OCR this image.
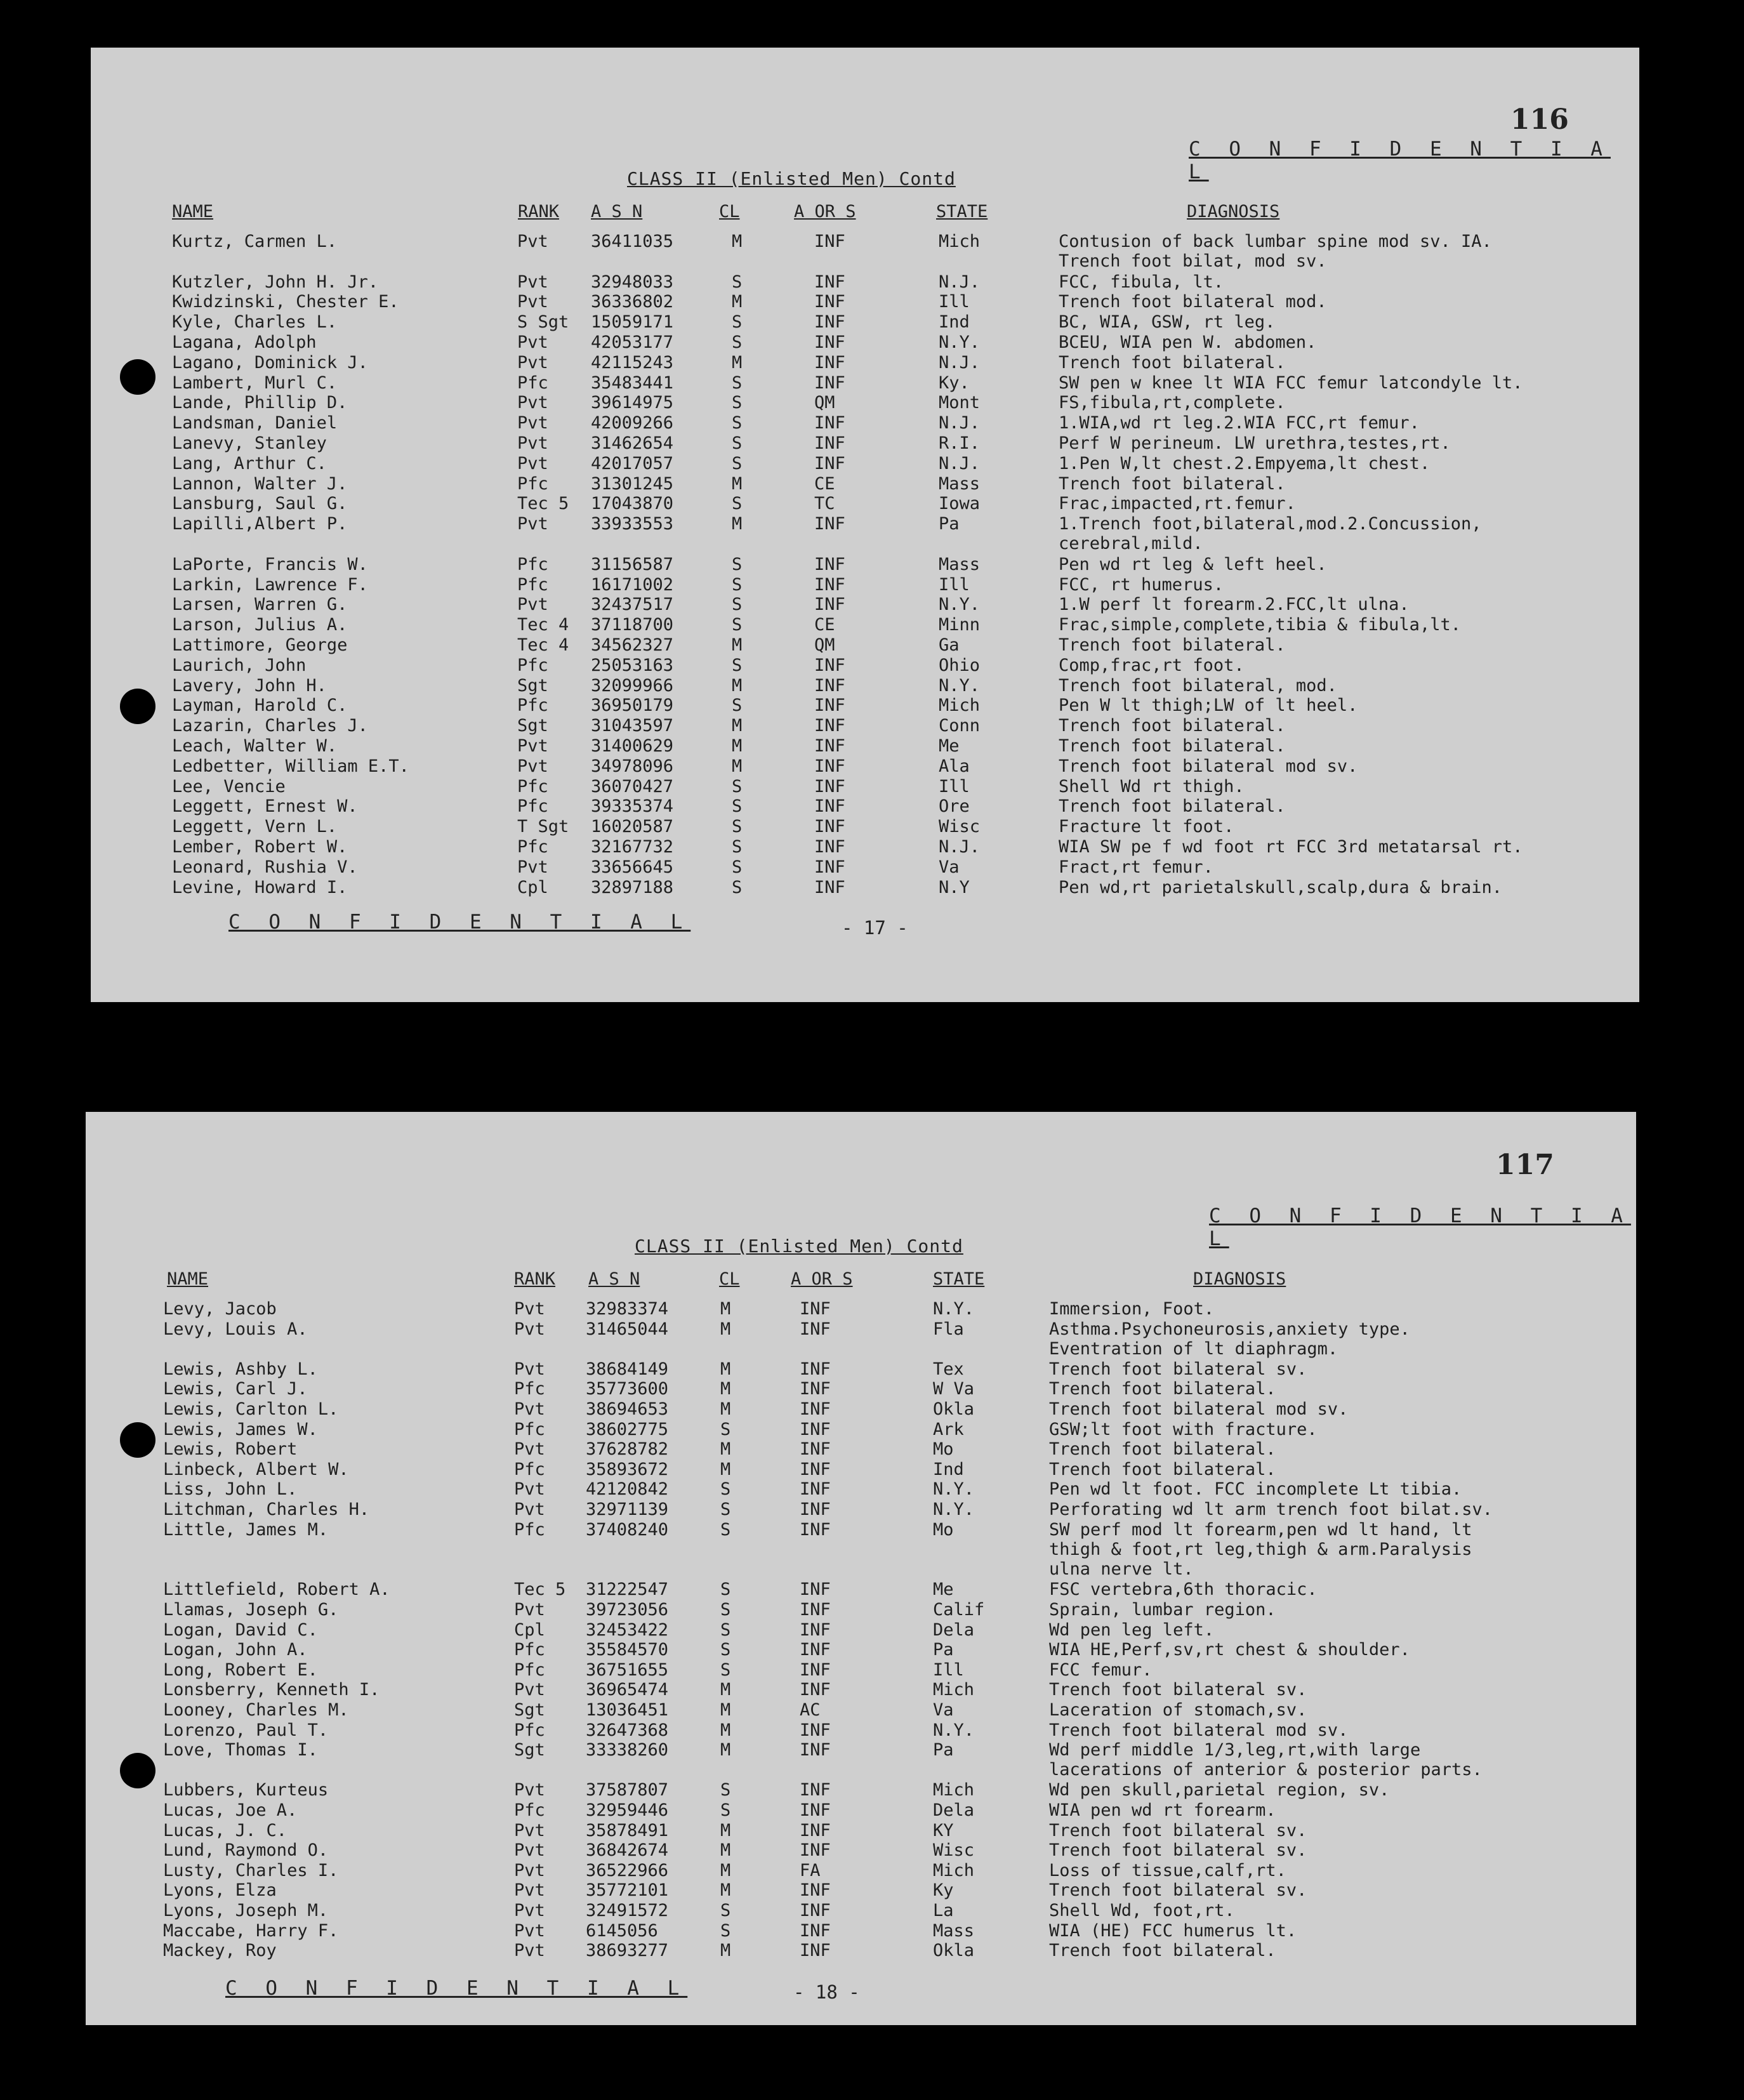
116
C O N F I D E N T I A L
CLASS II (Enlisted Men) Contd
NAME	RANK A S N	CL	A OR S	STATE	DIAGNOSIS
Kurtz, Carmen L.	Pvt 36411035	M	INF	Mich	Contusion of back lumbar spine mod sv. IA.
Trench foot bilat, mod sv.
Kutzler, John H. Jr.	Pvt 32948033	S	INF	N.J.	FCC, fibula, lt.
Kwidzinski, Chester E.	Pvt 36336802	M	INF	Ill	Trench foot bilateral mod.
Kyle, Charles L.	S Sgt 15059171	S	INF	Ind	BC, WIA, GSW, rt leg.
Lagana, Adolph	Pvt 42053177	S	INF	N.Y.	BCEU, WIA pen W. abdomen.
Lagano, Dominick J.	Pvt 42115243	M	INF	N.J.	Trench foot bilateral.
Lambert, Murl C.	Pfc 35483441	S	INF	Ky.	SW pen w knee lt WIA FCC femur latcondyle lt.
Lande, Phillip D.	Pvt 39614975	S	QM	Mont	FS,fibula,rt,complete.
Landsman, Daniel	Pvt 42009266	S	INF	N.J.	1.WIA,wd rt leg.2.WIA FCC,rt femur.
Lanevy, Stanley	Pvt 31462654	S	INF	R.I.	Perf W perineum. LW urethra,testes,rt.
Lang, Arthur C.	Pvt 42017057	S	INF	N.J.	1.Pen W,lt chest.2.Empyema,lt chest.
Lannon, Walter J.	Pfc 31301245	M	CE	Mass	Trench foot bilateral.
Lansburg, Saul G.	Tec 5 17043870	S	TC	Iowa	Frac,impacted,rt.femur.
Lapilli,Albert P.	Pvt 33933553	M	INF	Pa	1.Trench foot,bilateral,mod.2.Concussion,
cerebral,mild.
LaPorte, Francis W.	Pfc 31156587	S	INF	Mass	Pen wd rt leg & left heel.
Larkin, Lawrence F.	Pfc 16171002	S	INF	Ill	FCC, rt humerus.
Larsen, Warren G.	Pvt 32437517	S	INF	N.Y.	1.W perf lt forearm.2.FCC,lt ulna.
Larson, Julius A.	Tec 4 37118700	S	CE	Minn	Frac,simple,complete,tibia & fibula,lt.
Lattimore, George	Tec 4 34562327	M	QM	Ga	Trench foot bilateral.
Laurich, John	Pfc 25053163	S	INF	Ohio	Comp,frac,rt foot.
Lavery, John H.	Sgt 32099966	M	INF	N.Y.	Trench foot bilateral, mod.
Layman, Harold C.	Pfc 36950179	S	INF	Mich	Pen W lt thigh;LW of lt heel.
Lazarin, Charles J.	Sgt 31043597	M	INF	Conn	Trench foot bilateral.
Leach, Walter W.	Pvt 31400629	M	INF	Me	Trench foot bilateral.
Ledbetter, William E.T.	Pvt 34978096	M	INF	Ala	Trench foot bilateral mod sv.
Lee, Vencie	Pfc 36070427	S	INF	Ill	Shell Wd rt thigh.
Leggett, Ernest W.	Pfc 39335374	S	INF	Ore	Trench foot bilateral.
Leggett, Vern L.	T Sgt 16020587	S	INF	Wisc	Fracture lt foot.
Lember, Robert W.	Pfc 32167732	S	INF	N.J.	WIA SW pe f wd foot rt FCC 3rd metatarsal rt.
Leonard, Rushia V.	Pvt 33656645	S	INF	Va	Fract,rt femur.
Levine, Howard I.	Cpl 32897188	S	INF	N.Y	Pen wd,rt parietalskull,scalp,dura & brain.
C O N F I D E N T I A L	- 17 -
117
C O N F I D E N T I A L
CLASS II (Enlisted Men) Contd
NAME	RANK A S N	CL	A OR S	STATE	DIAGNOSIS
Levy, Jacob	Pvt 32983374	M	INF	N.Y.	Immersion, Foot.
Levy, Louis A.	Pvt 31465044	M	INF	Fla	Asthma.Psychoneurosis,anxiety type.
Eventration of lt diaphragm.
Lewis, Ashby L.	Pvt 38684149	M	INF	Tex	Trench foot bilateral sv.
Lewis, Carl J.	Pfc 35773600	M	INF	W Va	Trench foot bilateral.
Lewis, Carlton L.	Pvt 38694653	M	INF	Okla	Trench foot bilateral mod sv.
Lewis, James W.	Pfc 38602775	S	INF	Ark	GSW;lt foot with fracture.
Lewis, Robert	Pvt 37628782	M	INF	Mo	Trench foot bilateral.
Linbeck, Albert W.	Pfc 35893672	M	INF	Ind	Trench foot bilateral.
Liss, John L.	Pvt 42120842	S	INF	N.Y.	Pen wd lt foot. FCC incomplete Lt tibia.
Litchman, Charles H.	Pvt 32971139	S	INF	N.Y.	Perforating wd lt arm trench foot bilat.sv.
Little, James M.	Pfc 37408240	S	INF	Mo	SW perf mod lt forearm,pen wd lt hand, lt
thigh & foot,rt leg,thigh & arm.Paralysis
ulna nerve lt.
Littlefield, Robert A.	Tec 5 31222547	S	INF	Me	FSC vertebra,6th thoracic.
Llamas, Joseph G.	Pvt 39723056	S	INF	Calif	Sprain, lumbar region.
Logan, David C.	Cpl 32453422	S	INF	Dela	Wd pen leg left.
Logan, John A.	Pfc 35584570	S	INF	Pa	WIA HE,Perf,sv,rt chest & shoulder.
Long, Robert E.	Pfc 36751655	S	INF	Ill	FCC femur.
Lonsberry, Kenneth I.	Pvt 36965474	M	INF	Mich	Trench foot bilateral sv.
Looney, Charles M.	Sgt 13036451	M	AC	Va	Laceration of stomach,sv.
Lorenzo, Paul T.	Pfc 32647368	M	INF	N.Y.	Trench foot bilateral mod sv.
Love, Thomas I.	Sgt 33338260	M	INF	Pa	Wd perf middle 1/3,leg,rt,with large
lacerations of anterior & posterior parts.
Lubbers, Kurteus	Pvt 37587807	S	INF	Mich	Wd pen skull,parietal region, sv.
Lucas, Joe A.	Pfc 32959446	S	INF	Dela	WIA pen wd rt forearm.
Lucas, J. C.	Pvt 35878491	M	INF	KY	Trench foot bilateral sv.
Lund, Raymond O.	Pvt 36842674	M	INF	Wisc	Trench foot bilateral sv.
Lusty, Charles I.	Pvt 36522966	M	FA	Mich	Loss of tissue,calf,rt.
Lyons, Elza	Pvt 35772101	M	INF	Ky	Trench foot bilateral sv.
Lyons, Joseph M.	Pvt 32491572	S	INF	La	Shell Wd, foot,rt.
Maccabe, Harry F.	Pvt 6145056	S	INF	Mass	WIA (HE) FCC humerus lt.
Mackey, Roy	Pvt 38693277	M	INF	Okla	Trench foot bilateral.
C O N F I D E N T I A L	- 18 -
